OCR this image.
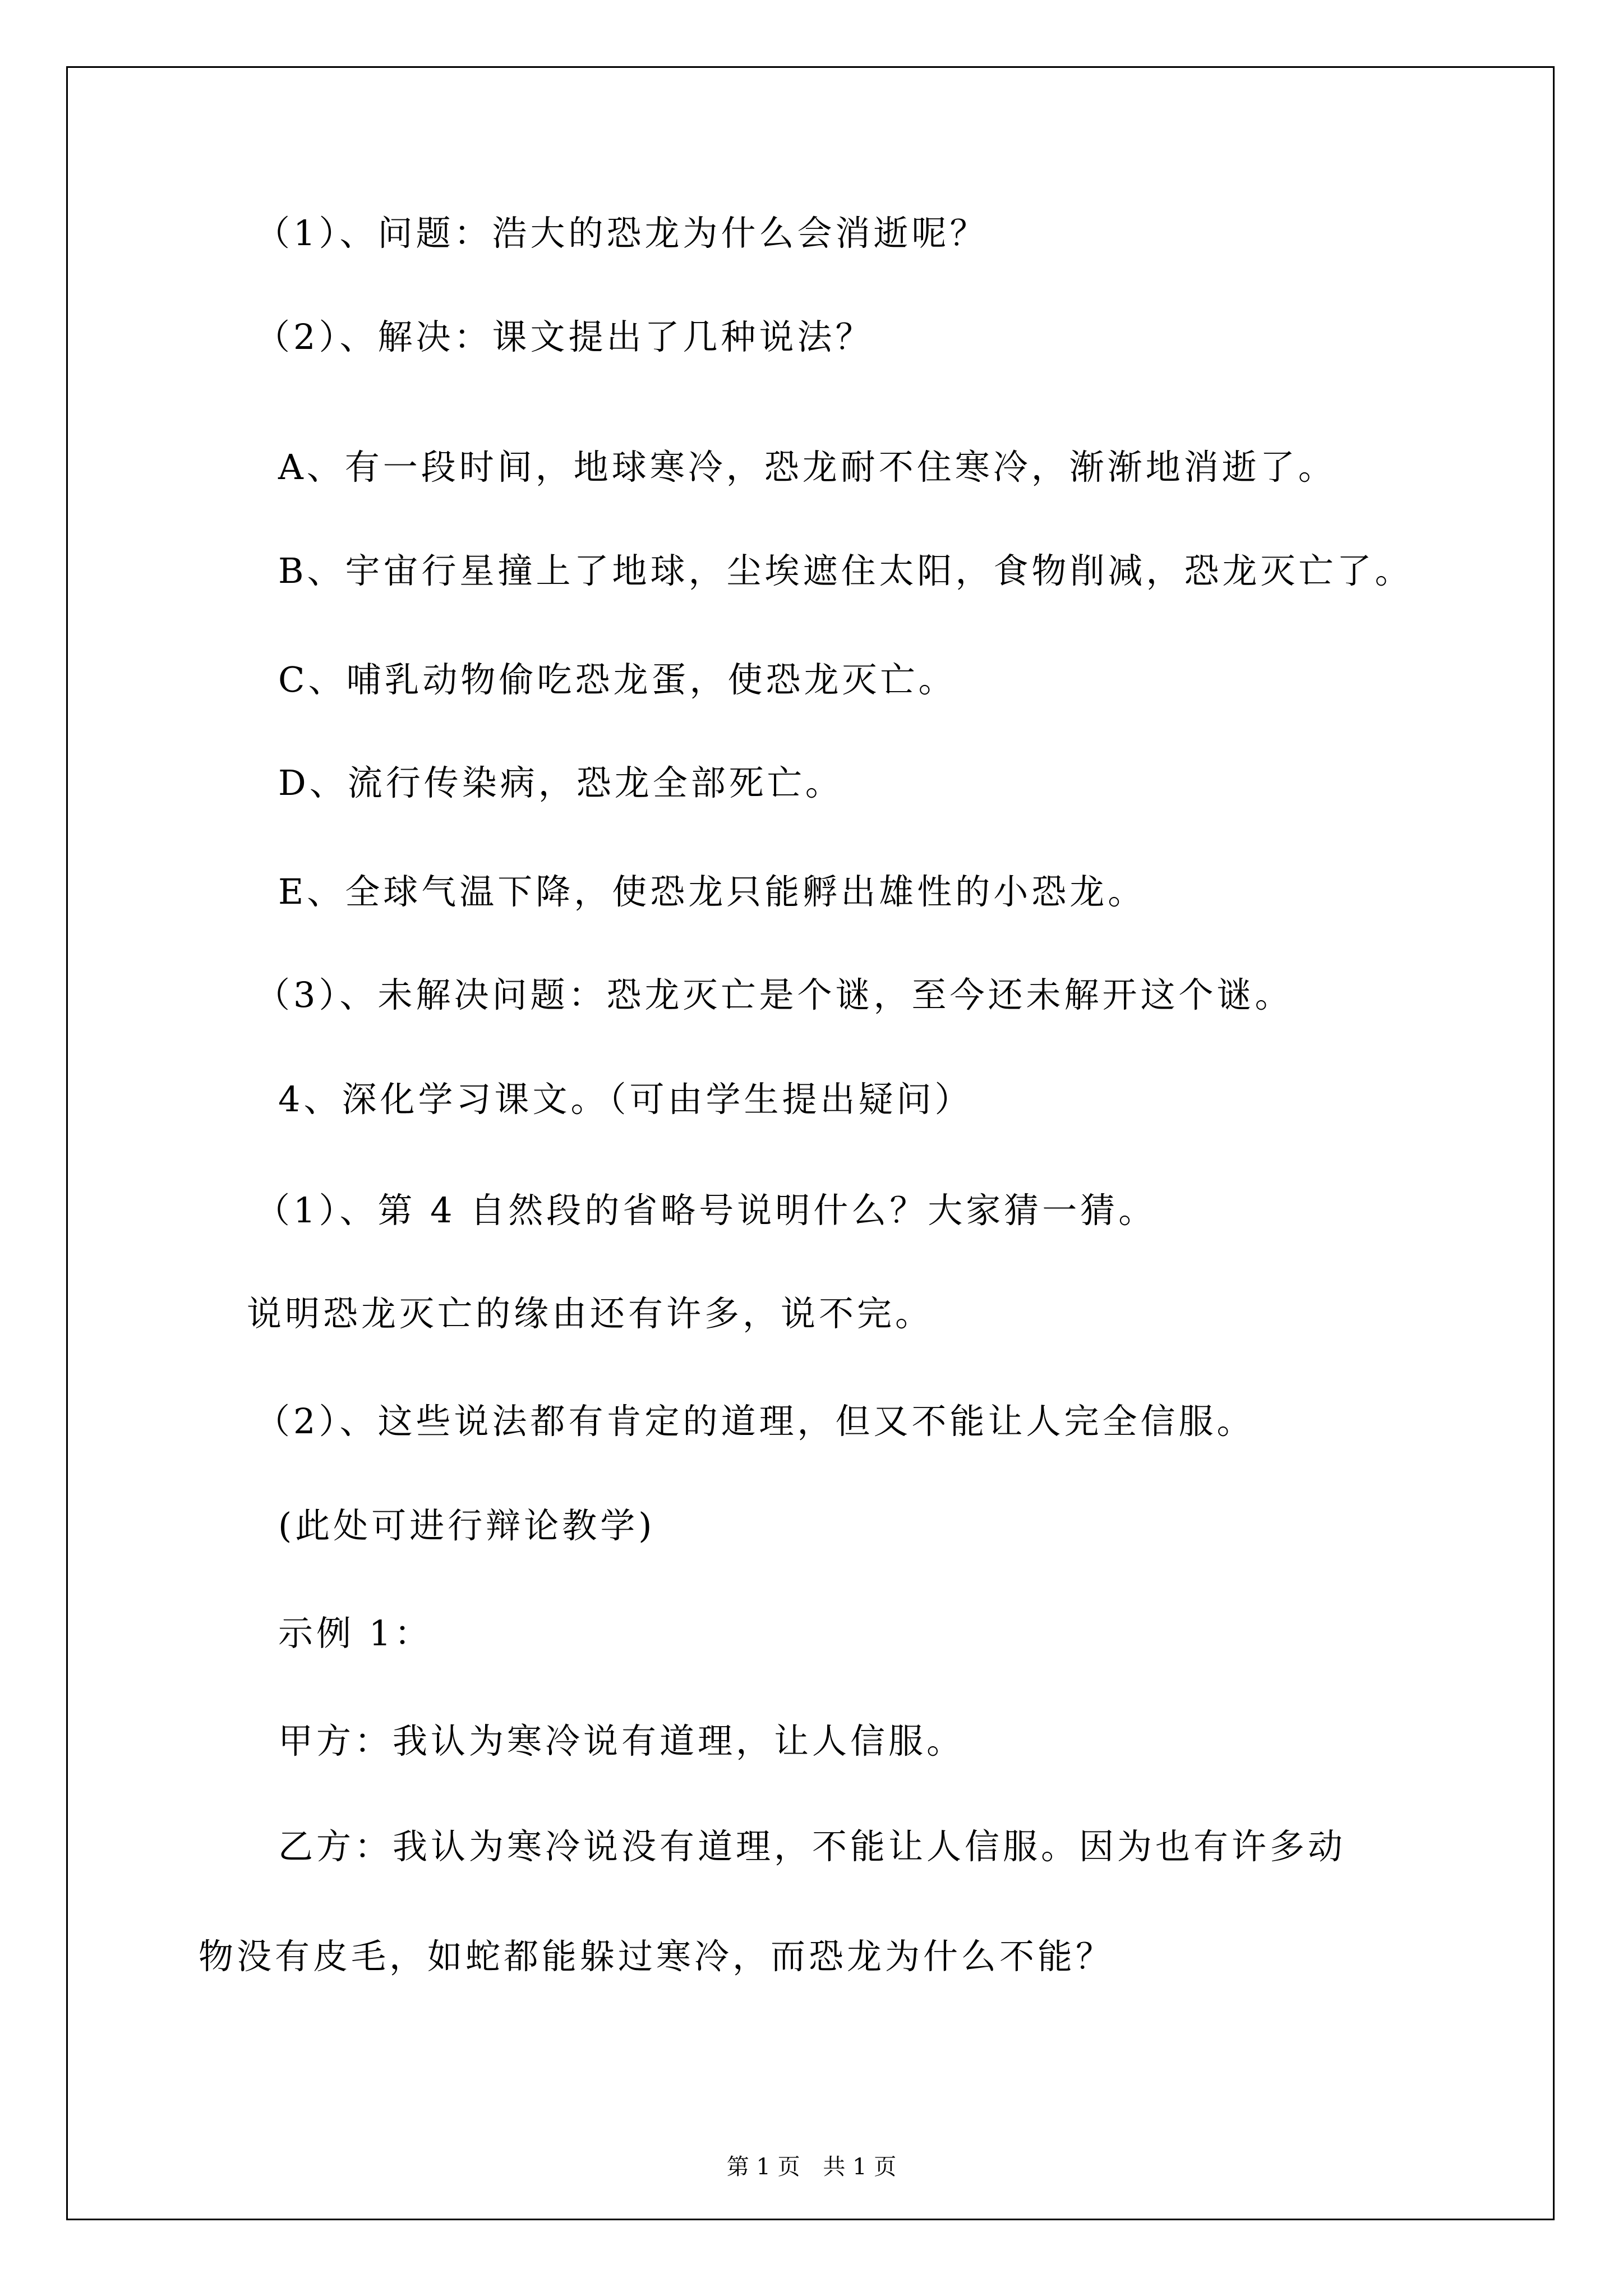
（1）、问题：浩大的恐龙为什么会消逝呢？
（2）、解决：课文提出了几种说法？
A、有一段时间，地球寒冷，恐龙耐不住寒冷，渐渐地消逝了。
B、宇宙行星撞上了地球，尘埃遮住太阳，食物削减，恐龙灭亡了。
C、哺乳动物偷吃恐龙蛋，使恐龙灭亡。
D、流行传染病，恐龙全部死亡。
E、全球气温下降，使恐龙只能孵出雄性的小恐龙。
（3）、未解决问题：恐龙灭亡是个谜，至今还未解开这个谜。
4、深化学习课文。（可由学生提出疑问）
（1）、第 4 自然段的省略号说明什么？大家猜一猜。
说明恐龙灭亡的缘由还有许多，说不完。
（2）、这些说法都有肯定的道理，但又不能让人完全信服。
(此处可进行辩论教学)
示例 1：
甲方：我认为寒冷说有道理，让人信服。
乙方：我认为寒冷说没有道理，不能让人信服。因为也有许多动
物没有皮毛，如蛇都能躲过寒冷，而恐龙为什么不能？
第 1 页 共 1 页
